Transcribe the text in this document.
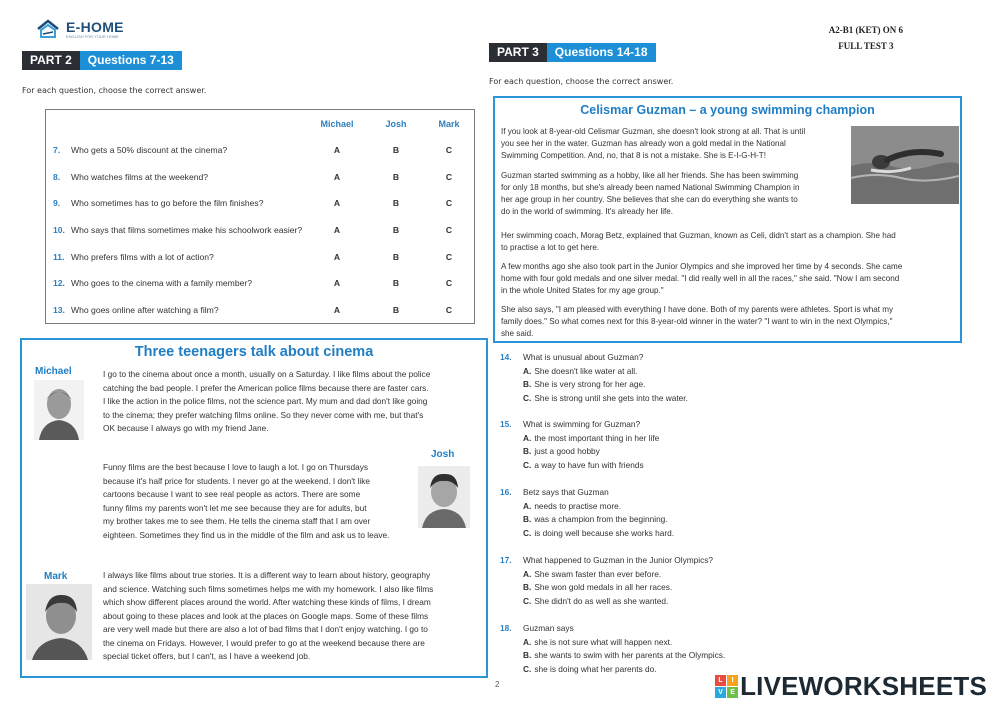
E-HOME
ENGLISH FOR YOUR HOME
A2-B1 (KET) ON 6
FULL TEST 3
PART 2	Questions 7-13
For each question, choose the correct answer.
Michael	Josh	Mark
7. Who gets a 50% discount at the cinema?	A	B	C
8. Who watches films at the weekend?	A	B	C
9. Who sometimes has to go before the film finishes?	A	B	C
10. Who says that films sometimes make his schoolwork easier?	A	B	C
11. Who prefers films with a lot of action?	A	B	C
12. Who goes to the cinema with a family member?	A	B	C
13. Who goes online after watching a film?	A	B	C
Three teenagers talk about cinema
Michael	I go to the cinema about once a month, usually on a Saturday. I like films about the police
catching the bad people. I prefer the American police films because there are faster cars.
I like the action in the police films, not the science part. My mum and dad don't like going
to the cinema; they prefer watching films online. So they never come with me, but that's
OK because I always go with my friend Jane.
Josh
Funny films are the best because I love to laugh a lot. I go on Thursdays
because it's half price for students. I never go at the weekend. I don't like
cartoons because I want to see real people as actors. There are some
funny films my parents won't let me see because they are for adults, but
my brother takes me to see them. He tells the cinema staff that I am over
eighteen. Sometimes they find us in the middle of the film and ask us to leave.
Mark	I always like films about true stories. It is a different way to learn about history, geography
and science. Watching such films sometimes helps me with my homework. I also like films
which show different places around the world. After watching these kinds of films, I dream
about going to these places and look at the places on Google maps. Some of these films
are very well made but there are also a lot of bad films that I don't enjoy watching. I go to
the cinema on Fridays. However, I would prefer to go at the weekend because there are
special ticket offers, but I can't, as I have a weekend job.
PART 3	Questions 14-18
For each question, choose the correct answer.
Celismar Guzman – a young swimming champion
If you look at 8-year-old Celismar Guzman, she doesn't look strong at all. That is until
you see her in the water. Guzman has already won a gold medal in the National
Swimming Competition. And, no, that 8 is not a mistake. She is E-I-G-H-T!
Guzman started swimming as a hobby, like all her friends. She has been swimming
for only 18 months, but she's already been named National Swimming Champion in
her age group in her country. She believes that she can do everything she wants to
do in the world of swimming. It's already her life.
Her swimming coach, Morag Betz, explained that Guzman, known as Celi, didn't start as a champion. She had
to practise a lot to get here.
A few months ago she also took part in the Junior Olympics and she improved her time by 4 seconds. She came
home with four gold medals and one silver medal. "I did really well in all the races," she said. "Now I am second
in the whole United States for my age group."
She also says, "I am pleased with everything I have done. Both of my parents were athletes. Sport is what my
family does." So what comes next for this 8-year-old winner in the water? "I want to win in the next Olympics,"
she said.
14. What is unusual about Guzman?
A. She doesn't like water at all.
B. She is very strong for her age.
C. She is strong until she gets into the water.
15. What is swimming for Guzman?
A. the most important thing in her life
B. just a good hobby
C. a way to have fun with friends
16. Betz says that Guzman
A. needs to practise more.
B. was a champion from the beginning.
C. is doing well because she works hard.
17. What happened to Guzman in the Junior Olympics?
A. She swam faster than ever before.
B. She won gold medals in all her races.
C. She didn't do as well as she wanted.
18. Guzman says
A. she is not sure what will happen next.
B. she wants to swim with her parents at the Olympics.
C. she is doing what her parents do.
2	L	I
V	E LIVEWORKSHEETS
